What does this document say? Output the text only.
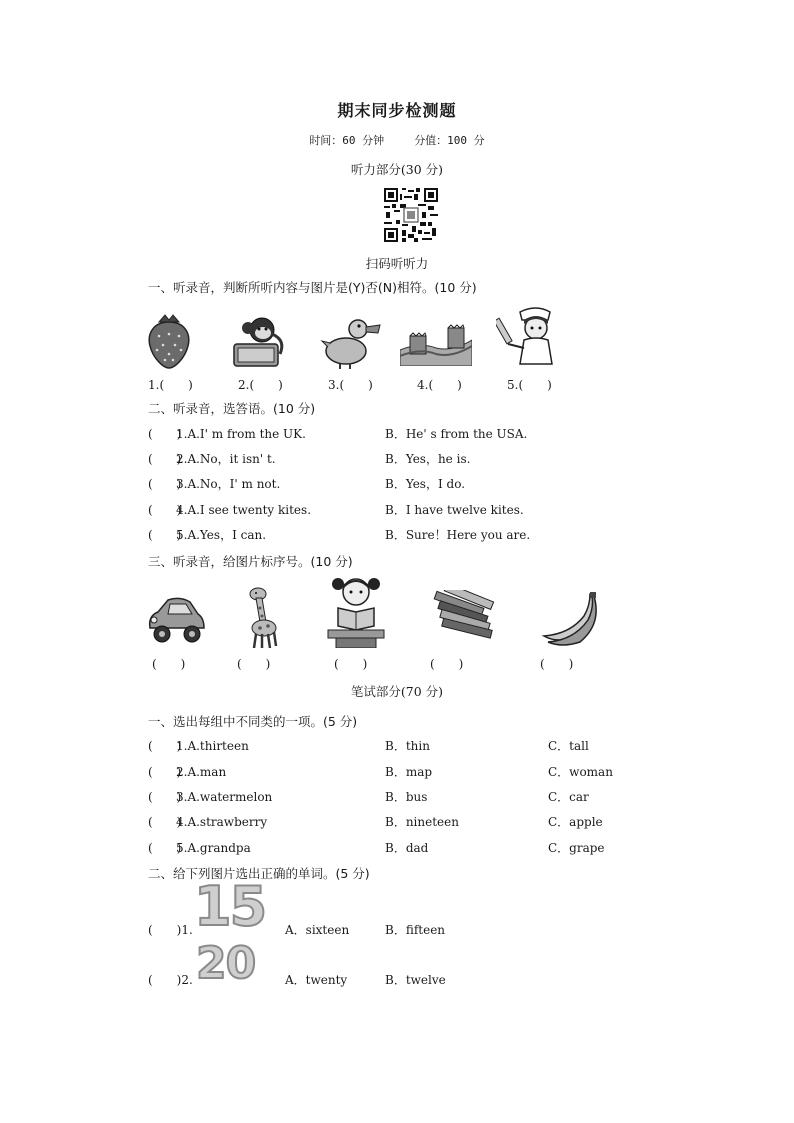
期末同步检测题
时间：60 分钟	分值：100 分
听力部分(30 分)
扫码听听力
一、听录音，判断所听内容与图片是(Y)否(N)相符。(10 分)
1.(　　)	2.(　　)	3.(　　)	4.(　　)	5.(　　)
二、听录音，选答语。(10 分)
(　　)
1.A.I' m from the UK.	B．He' s from the USA.
(　　)
2.A.No，it isn' t.	B．Yes，he is.
(　　)
3.A.No，I' m not.	B．Yes，I do.
(　　)
4.A.I see twenty kites.	B．I have twelve kites.
(　　)
5.A.Yes，I can.	B．Sure！Here you are.
三、听录音，给图片标序号。(10 分)
(　　)	(　　)	(　　)	(　　)	(　　)
笔试部分(70 分)
一、选出每组中不同类的一项。(5 分)
(　　)
1.A.thirteen	B．thin	C．tall
(　　)
2.A.man	B．map	C．woman
(　　)
3.A.watermelon	B．bus	C．car
(　　)
4.A.strawberry	B．nineteen	C．apple
(　　)
5.A.grandpa	B．dad	C．grape
二、给下列图片选出正确的单词。(5 分)
(　　)1. 15 A．sixteen	B．fifteen
(　　)2. 20 A．twenty	B．twelve
